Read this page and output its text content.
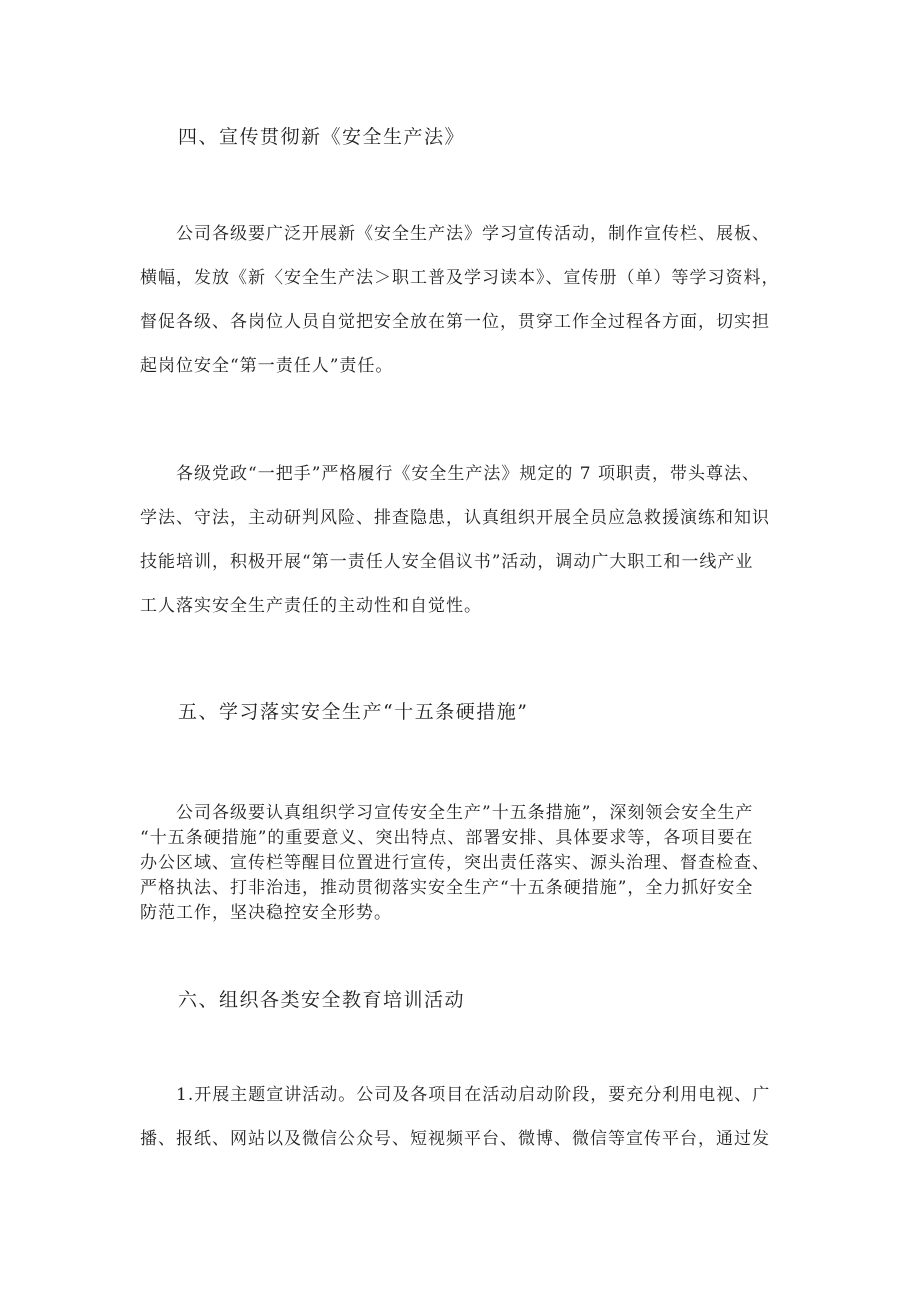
四、宣传贯彻新《安全生产法》
公司各级要广泛开展新《安全生产法》学习宣传活动，制作宣传栏、展板、
横幅，发放《新〈安全生产法＞职工普及学习读本》、宣传册（单）等学习资料，
督促各级、各岗位人员自觉把安全放在第一位，贯穿工作全过程各方面，切实担
起岗位安全“第一责任人”责任。
各级党政“一把手”严格履行《安全生产法》规定的 7 项职责，带头尊法、
学法、守法，主动研判风险、排查隐患，认真组织开展全员应急救援演练和知识
技能培训，积极开展“第一责任人安全倡议书”活动，调动广大职工和一线产业
工人落实安全生产责任的主动性和自觉性。
五、学习落实安全生产“十五条硬措施”
公司各级要认真组织学习宣传安全生产”十五条措施”，深刻领会安全生产
“十五条硬措施”的重要意义、突出特点、部署安排、具体要求等，各项目要在
办公区域、宣传栏等醒目位置进行宣传，突出责任落实、源头治理、督查检查、
严格执法、打非治违，推动贯彻落实安全生产“十五条硬措施”，全力抓好安全
防范工作，坚决稳控安全形势。
六、组织各类安全教育培训活动
1.开展主题宣讲活动。公司及各项目在活动启动阶段，要充分利用电视、广
播、报纸、网站以及微信公众号、短视频平台、微博、微信等宣传平台，通过发
